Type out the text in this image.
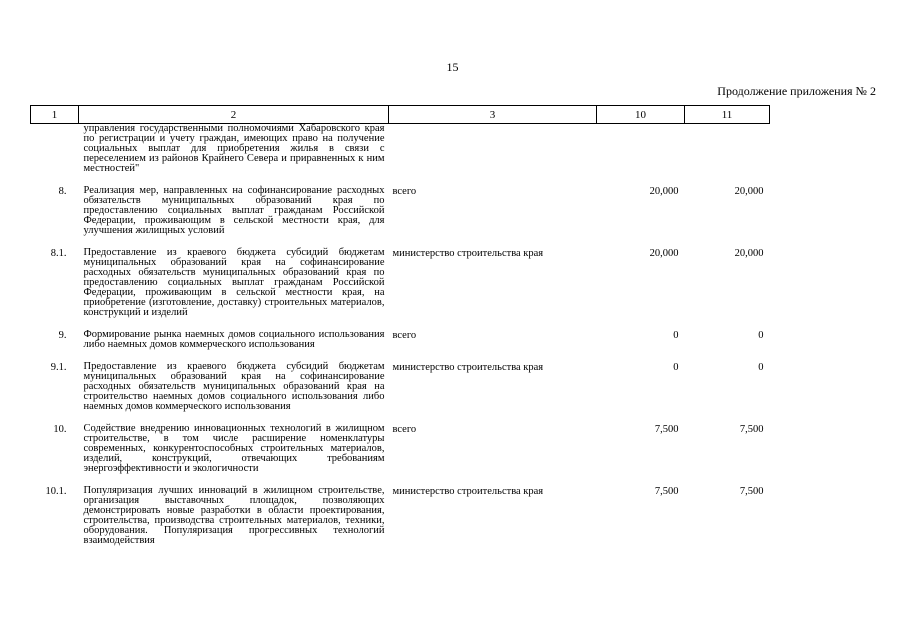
15
Продолжение приложения № 2
1	2	3	10	11
	управления государственными полномочиями Хабаровского края по регистрации и учету граждан, имеющих право на получение социальных выплат для приобретения жилья в связи с переселением из районов Крайнего Севера и приравненных к ним местностей"			
8.	Реализация мер, направленных на софинансирование расходных обязательств муниципальных образований края по предоставлению социальных выплат гражданам Российской Федерации, проживающим в сельской местности края, для улучшения жилищных условий	всего	20,000	20,000
8.1.	Предоставление из краевого бюджета субсидий бюджетам муниципальных образований края на софинансирование расходных обязательств муниципальных образований края по предоставлению социальных выплат гражданам Российской Федерации, проживающим в сельской местности края, на приобретение (изготовление, доставку) строительных материалов, конструкций и изделий	министерство строительства края	20,000	20,000
9.	Формирование рынка наемных домов социального использования либо наемных домов коммерческого использования	всего	0	0
9.1.	Предоставление из краевого бюджета субсидий бюджетам муниципальных образований края на софинансирование расходных обязательств муниципальных образований края на строительство наемных домов социального использования либо наемных домов коммерческого использования	министерство строительства края	0	0
10.	Содействие внедрению инновационных технологий в жилищном строительстве, в том числе расширение номенклатуры современных, конкурентоспособных строительных материалов, изделий, конструкций, отвечающих требованиям энергоэффективности и экологичности	всего	7,500	7,500
10.1.	Популяризация лучших инноваций в жилищном строительстве, организация выставочных площадок, позволяющих демонстрировать новые разработки в области проектирования, строительства, производства строительных материалов, техники, оборудования. Популяризация прогрессивных технологий взаимодействия	министерство строительства края	7,500	7,500
